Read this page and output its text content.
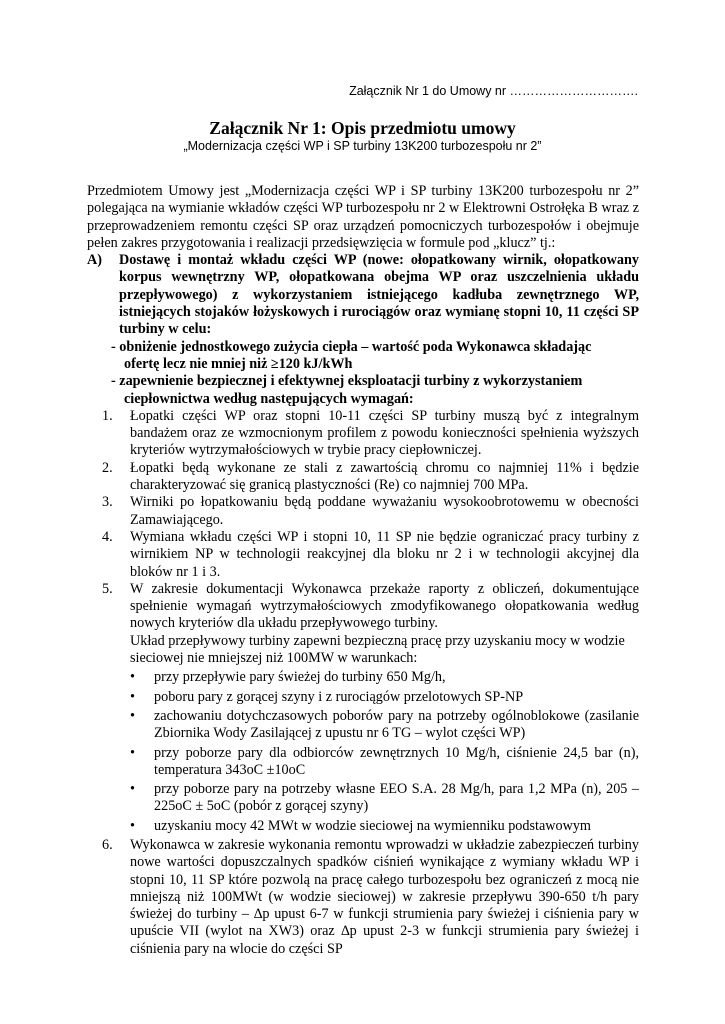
Załącznik Nr 1 do Umowy nr ………………………….
Załącznik Nr 1: Opis przedmiotu umowy
„Modernizacja części WP i SP turbiny 13K200 turbozespołu nr 2”

Przedmiotem Umowy jest „Modernizacja części WP i SP turbiny 13K200 turbozespołu nr 2” polegająca na wymianie wkładów części WP turbozespołu nr 2 w Elektrowni Ostrołęka B wraz z przeprowadzeniem remontu części SP oraz urządzeń pomocniczych turbozespołów i obejmuje pełen zakres przygotowania i realizacji przedsięwzięcia w formule pod „klucz” tj.:

A)	Dostawę i montaż wkładu części WP (nowe: ołopatkowany wirnik, ołopatkowany korpus wewnętrzny WP, ołopatkowana obejma WP oraz uszczelnienia układu przepływowego) z wykorzystaniem istniejącego kadłuba zewnętrznego WP, istniejących stojaków łożyskowych i rurociągów oraz wymianę stopni 10, 11 części SP turbiny w celu:
- obniżenie jednostkowego zużycia ciepła – wartość poda Wykonawca składając
ofertę lecz nie mniej niż ≥120 kJ/kWh
- zapewnienie bezpiecznej i efektywnej eksploatacji turbiny z wykorzystaniem
ciepłownictwa według następujących wymagań:
1.	Łopatki części WP oraz stopni 10-11 części SP turbiny muszą być z integralnym bandażem oraz ze wzmocnionym profilem z powodu konieczności spełnienia wyższych kryteriów wytrzymałościowych w trybie pracy ciepłowniczej.
2.	Łopatki będą wykonane ze stali z zawartością chromu co najmniej 11% i będzie charakteryzować się granicą plastyczności (Re) co najmniej 700 MPa.
3.	Wirniki po łopatkowaniu będą poddane wyważaniu wysokoobrotowemu w obecności Zamawiającego.
4.	Wymiana wkładu części WP i stopni 10, 11 SP nie będzie ograniczać pracy turbiny z wirnikiem NP w technologii reakcyjnej dla bloku nr 2 i w technologii akcyjnej dla bloków nr 1 i 3.
5.	W zakresie dokumentacji Wykonawca przekaże raporty z obliczeń, dokumentujące spełnienie wymagań wytrzymałościowych zmodyfikowanego ołopatkowania według nowych kryteriów dla układu przepływowego turbiny.
Układ przepływowy turbiny zapewni bezpieczną pracę przy uzyskaniu mocy w wodzie sieciowej nie mniejszej niż 100MW w warunkach:
•	przy przepływie pary świeżej do turbiny 650 Mg/h,
•	poboru pary z gorącej szyny i z rurociągów przelotowych SP-NP
•	zachowaniu dotychczasowych poborów pary na potrzeby ogólnoblokowe (zasilanie Zbiornika Wody Zasilającej z upustu nr 6 TG – wylot części WP)
•	przy poborze pary dla odbiorców zewnętrznych 10 Mg/h, ciśnienie 24,5 bar (n), temperatura 343oC ±10oC
•	przy poborze pary na potrzeby własne EEO S.A. 28 Mg/h, para 1,2 MPa (n), 205 – 225oC ± 5oC (pobór z gorącej szyny)
•	uzyskaniu mocy 42 MWt w wodzie sieciowej na wymienniku podstawowym
6.	Wykonawca w zakresie wykonania remontu wprowadzi w układzie zabezpieczeń turbiny nowe wartości dopuszczalnych spadków ciśnień wynikające z wymiany wkładu WP i stopni 10, 11 SP które pozwolą na pracę całego turbozespołu bez ograniczeń z mocą nie mniejszą niż 100MWt (w wodzie sieciowej) w zakresie przepływu 390-650 t/h pary świeżej do turbiny – ∆p upust 6-7 w funkcji strumienia pary świeżej i ciśnienia pary w upuście VII (wylot na XW3) oraz ∆p upust 2-3 w funkcji strumienia pary świeżej i ciśnienia pary na wlocie do części SP
